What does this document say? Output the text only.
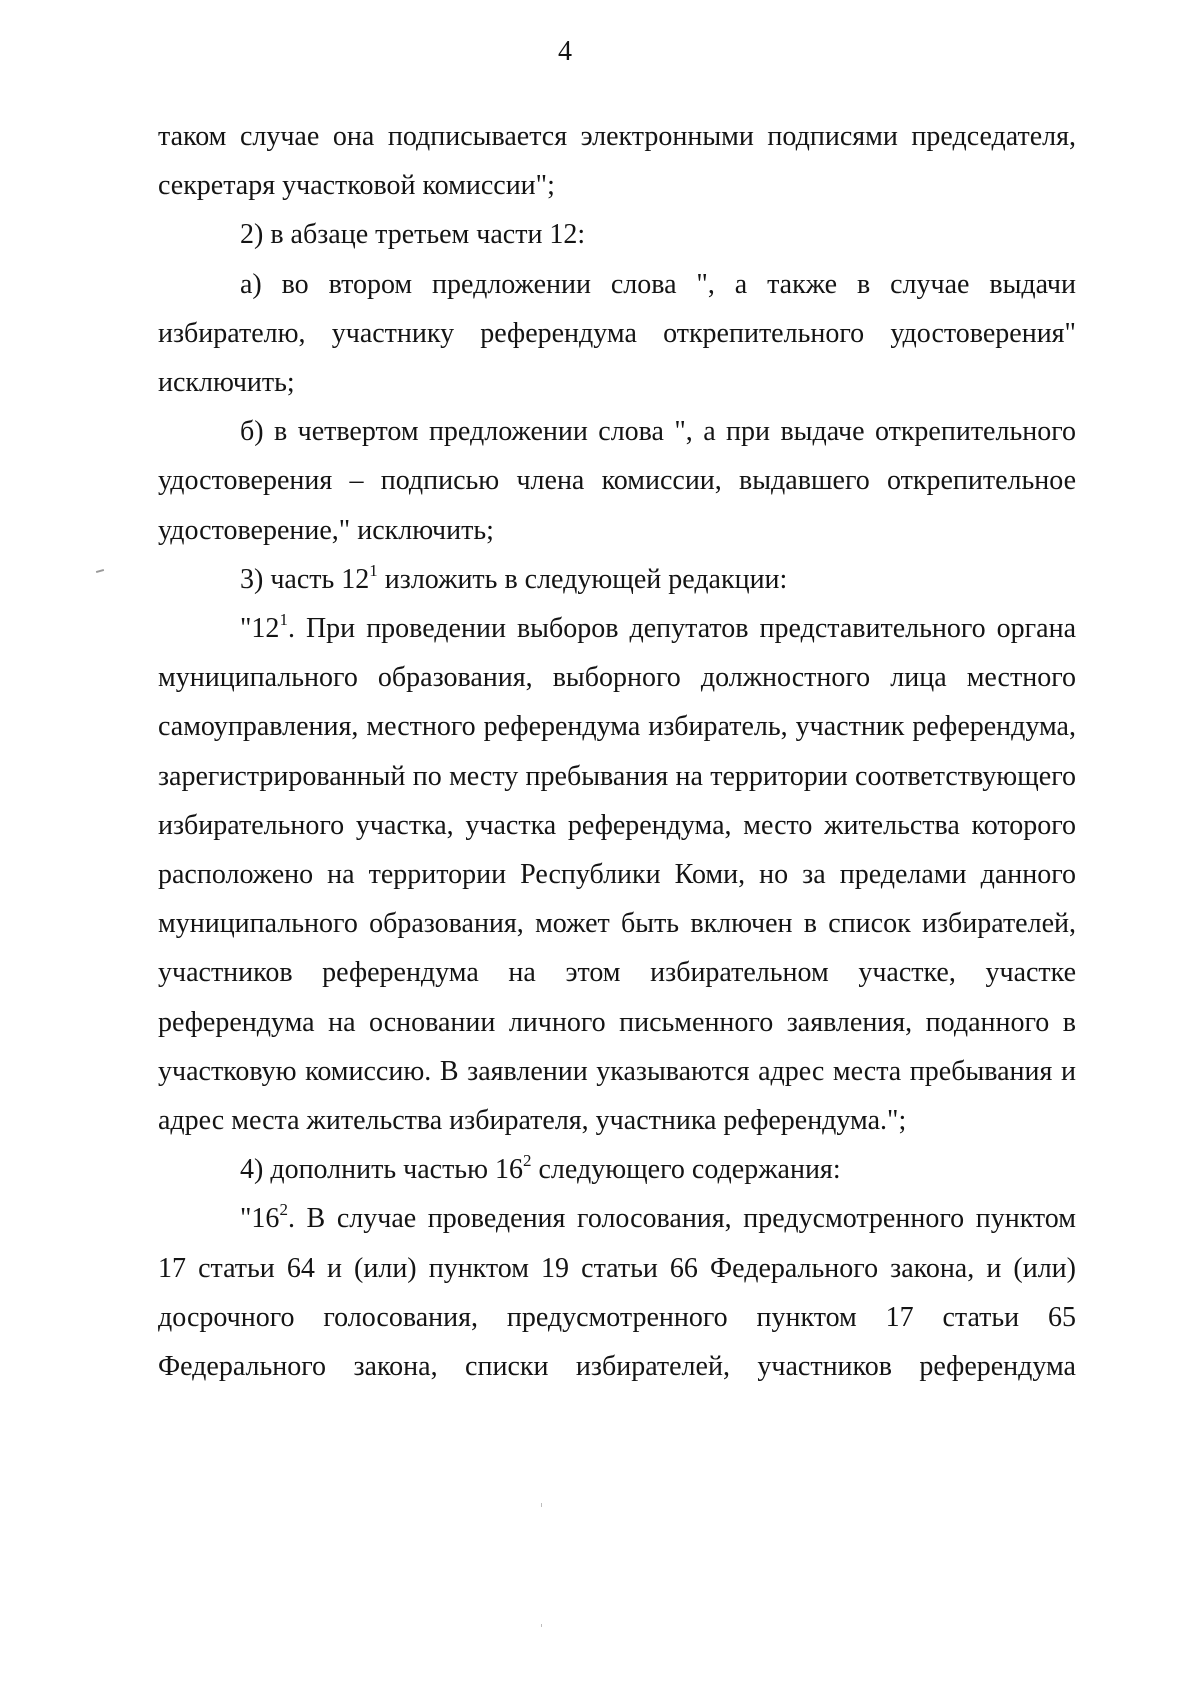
4

таком случае она подписывается электронными подписями председателя, секретаря участковой комиссии";

2) в абзаце третьем части 12:

а) во втором предложении слова ", а также в случае выдачи избирателю, участнику референдума открепительного удостоверения" исключить;

б) в четвертом предложении слова ", а при выдаче открепительного удостоверения – подписью члена комиссии, выдавшего открепительное удостоверение," исключить;

3) часть $12^1$ изложить в следующей редакции:

"$12^1$. При проведении выборов депутатов представительного органа муниципального образования, выборного должностного лица местного самоуправления, местного референдума избиратель, участник референдума, зарегистрированный по месту пребывания на территории соответствующего избирательного участка, участка референдума, место жительства которого расположено на территории Республики Коми, но за пределами данного муниципального образования, может быть включен в список избирателей, участников референдума на этом избирательном участке, участке референдума на основании личного письменного заявления, поданного в участковую комиссию. В заявлении указываются адрес места пребывания и адрес места жительства избирателя, участника референдума.";

4) дополнить частью $16^2$ следующего содержания:

"$16^2$. В случае проведения голосования, предусмотренного пунктом 17 статьи 64 и (или) пунктом 19 статьи 66 Федерального закона, и (или) досрочного голосования, предусмотренного пунктом 17 статьи 65 Федерального закона, списки избирателей, участников референдума
